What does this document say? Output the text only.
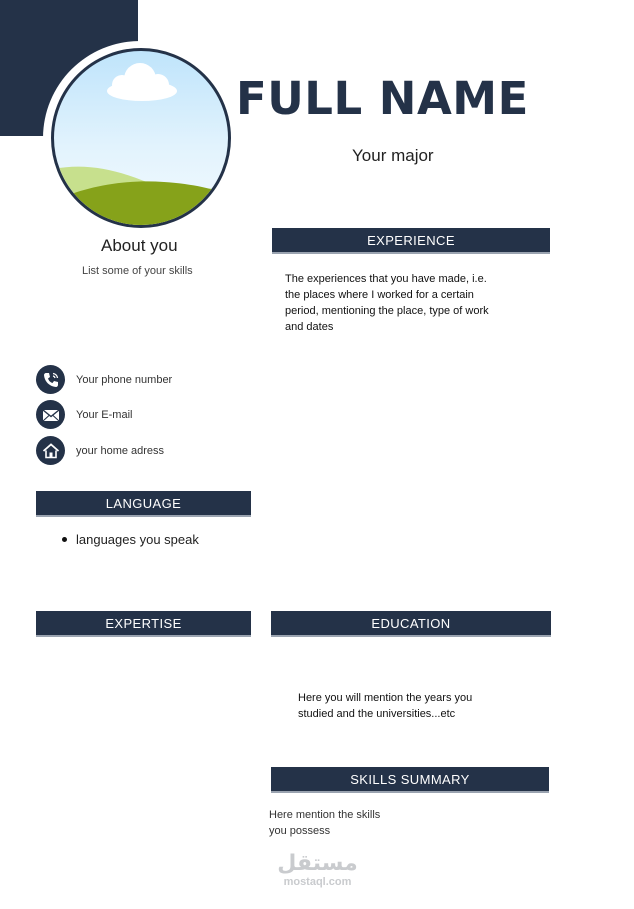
FULL NAME
Your major
About you
List some of your skills
EXPERIENCE
The experiences that you have made, i.e. the places where I worked for a certain period, mentioning the place, type of work and dates
Your phone number
Your E-mail
your home adress
LANGUAGE
languages you speak
EXPERTISE	EDUCATION
Here you will mention the years you studied and the universities...etc
SKILLS SUMMARY
Here mention the skills you possess
مستقل
mostaql.com
